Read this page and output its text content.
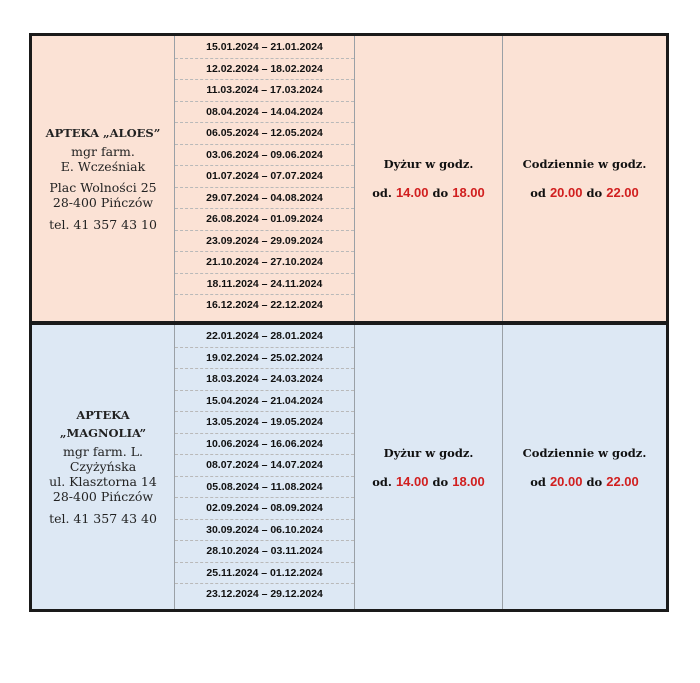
APTEKA „ALOES”
mgr farm.
E. Wcześniak
Plac Wolności 25
28-400 Pińczów
tel. 41 357 43 10
15.01.2024 – 21.01.2024
12.02.2024 – 18.02.2024
11.03.2024 – 17.03.2024
08.04.2024 – 14.04.2024
06.05.2024 – 12.05.2024
03.06.2024 – 09.06.2024
01.07.2024 – 07.07.2024
29.07.2024 – 04.08.2024
26.08.2024 – 01.09.2024
23.09.2024 – 29.09.2024
21.10.2024 – 27.10.2024
18.11.2024 – 24.11.2024
16.12.2024 – 22.12.2024
Dyżur w godz.
od. 14.00 do 18.00
Codziennie w godz.
od 20.00 do 22.00
APTEKA
„MAGNOLIA”
mgr farm. L.
Czyżyńska
ul. Klasztorna 14
28-400 Pińczów
tel. 41 357 43 40
22.01.2024 – 28.01.2024
19.02.2024 – 25.02.2024
18.03.2024 – 24.03.2024
15.04.2024 – 21.04.2024
13.05.2024 – 19.05.2024
10.06.2024 – 16.06.2024
08.07.2024 – 14.07.2024
05.08.2024 – 11.08.2024
02.09.2024 – 08.09.2024
30.09.2024 – 06.10.2024
28.10.2024 – 03.11.2024
25.11.2024 – 01.12.2024
23.12.2024 – 29.12.2024
Dyżur w godz.
od. 14.00 do 18.00
Codziennie w godz.
od 20.00 do 22.00
